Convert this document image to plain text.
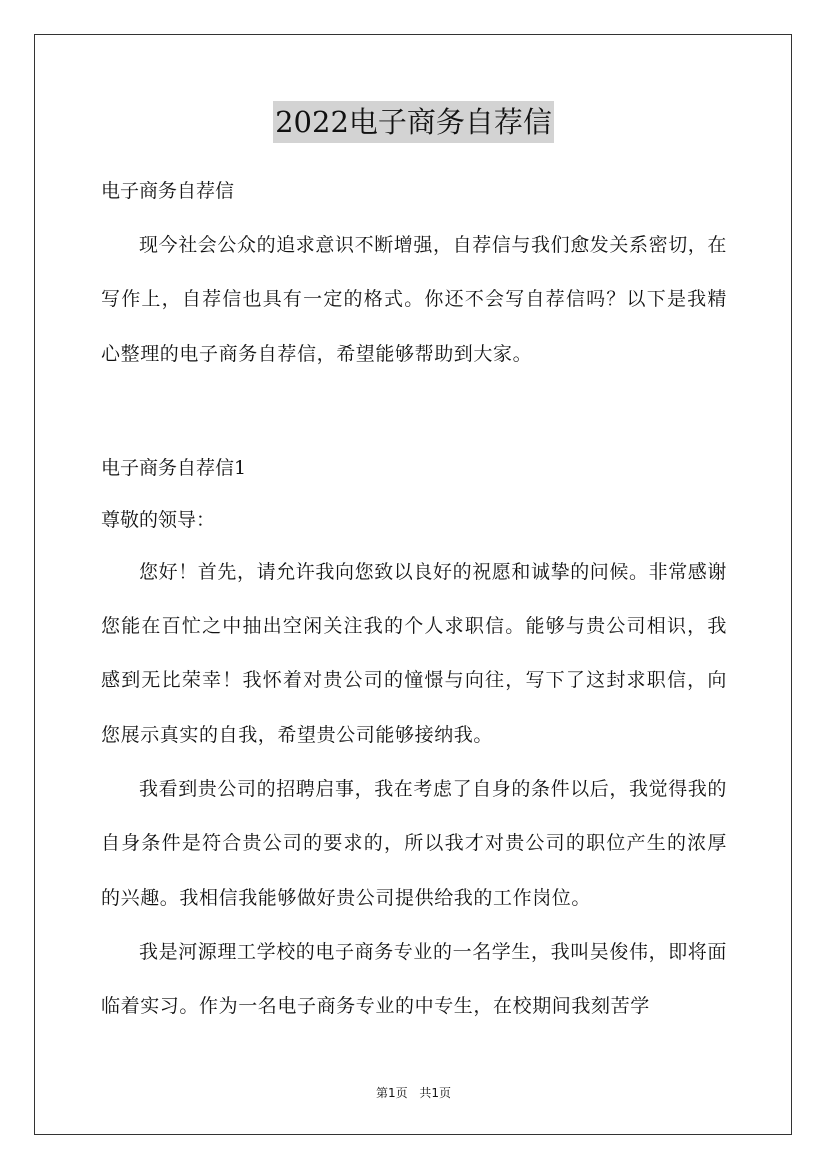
2022电子商务自荐信

电子商务自荐信

现今社会公众的追求意识不断增强，自荐信与我们愈发关系密切，在写作上，自荐信也具有一定的格式。你还不会写自荐信吗？以下是我精心整理的电子商务自荐信，希望能够帮助到大家。

电子商务自荐信1

尊敬的领导：

您好！首先，请允许我向您致以良好的祝愿和诚挚的问候。非常感谢您能在百忙之中抽出空闲关注我的个人求职信。能够与贵公司相识，我感到无比荣幸！我怀着对贵公司的憧憬与向往，写下了这封求职信，向您展示真实的自我，希望贵公司能够接纳我。

我看到贵公司的招聘启事，我在考虑了自身的条件以后，我觉得我的自身条件是符合贵公司的要求的，所以我才对贵公司的职位产生的浓厚的兴趣。我相信我能够做好贵公司提供给我的工作岗位。

我是河源理工学校的电子商务专业的一名学生，我叫吴俊伟，即将面临着实习。作为一名电子商务专业的中专生，在校期间我刻苦学

第1页 共1页
